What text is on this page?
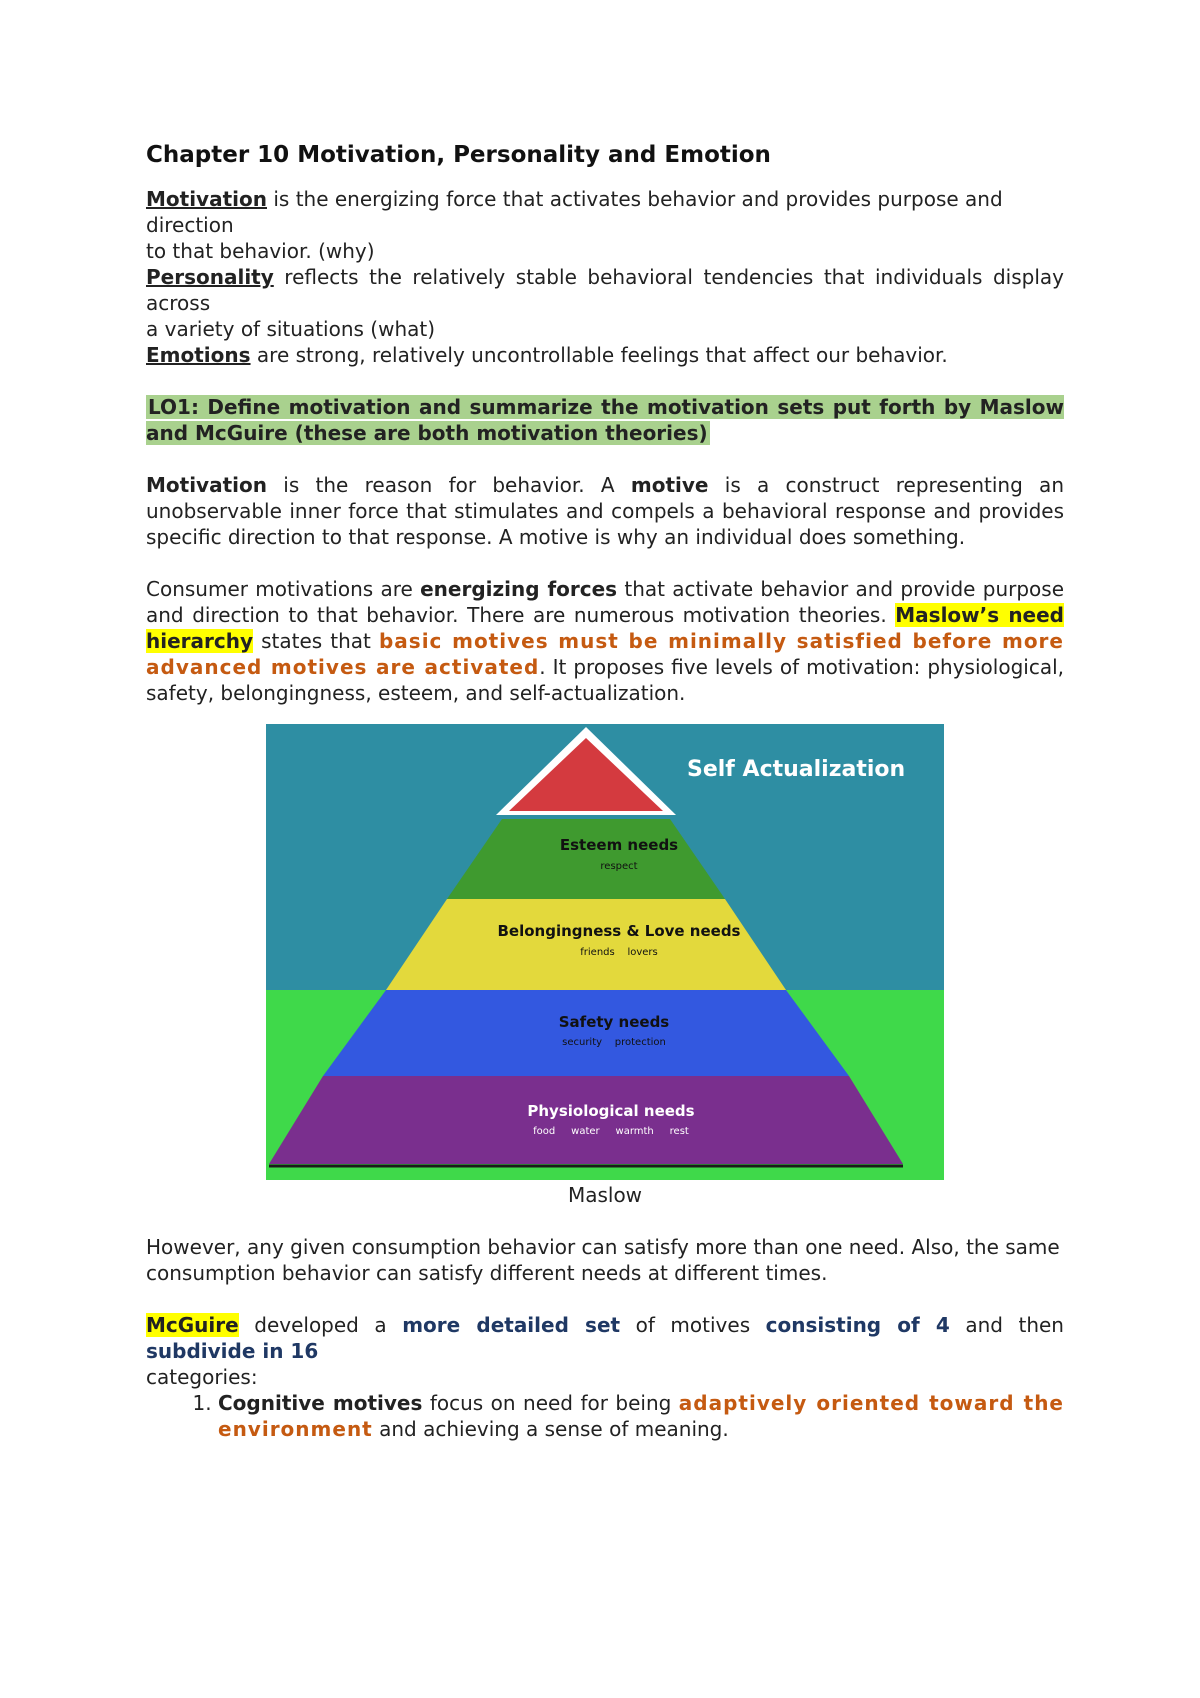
Chapter 10 Motivation, Personality and Emotion

Motivation is the energizing force that activates behavior and provides purpose and direction

to that behavior. (why)

Personality reflects the relatively stable behavioral tendencies that individuals display across

a variety of situations (what)

Emotions are strong, relatively uncontrollable feelings that affect our behavior.

LO1: Define motivation and summarize the motivation sets put forth by Maslow and McGuire (these are both motivation theories)

Motivation is the reason for behavior. A motive is a construct representing an unobservable inner force that stimulates and compels a behavioral response and provides specific direction to that response. A motive is why an individual does something.

Consumer motivations are energizing forces that activate behavior and provide purpose and direction to that behavior. There are numerous motivation theories. Maslow’s need hierarchy states that basic motives must be minimally satisfied before more advanced motives are activated. It proposes five levels of motivation: physiological, safety, belongingness, esteem, and self-actualization.

Self Actualization
Esteem needs
respect
Belongingness & Love needs
friends    lovers
Safety needs
security    protection
Physiological needs
food     water     warmth     rest

Maslow

However, any given consumption behavior can satisfy more than one need. Also, the same

consumption behavior can satisfy different needs at different times.

McGuire developed a more detailed set of motives consisting of 4 and then subdivide in 16

categories:

1. Cognitive motives focus on need for being adaptively oriented toward the environment and achieving a sense of meaning.
